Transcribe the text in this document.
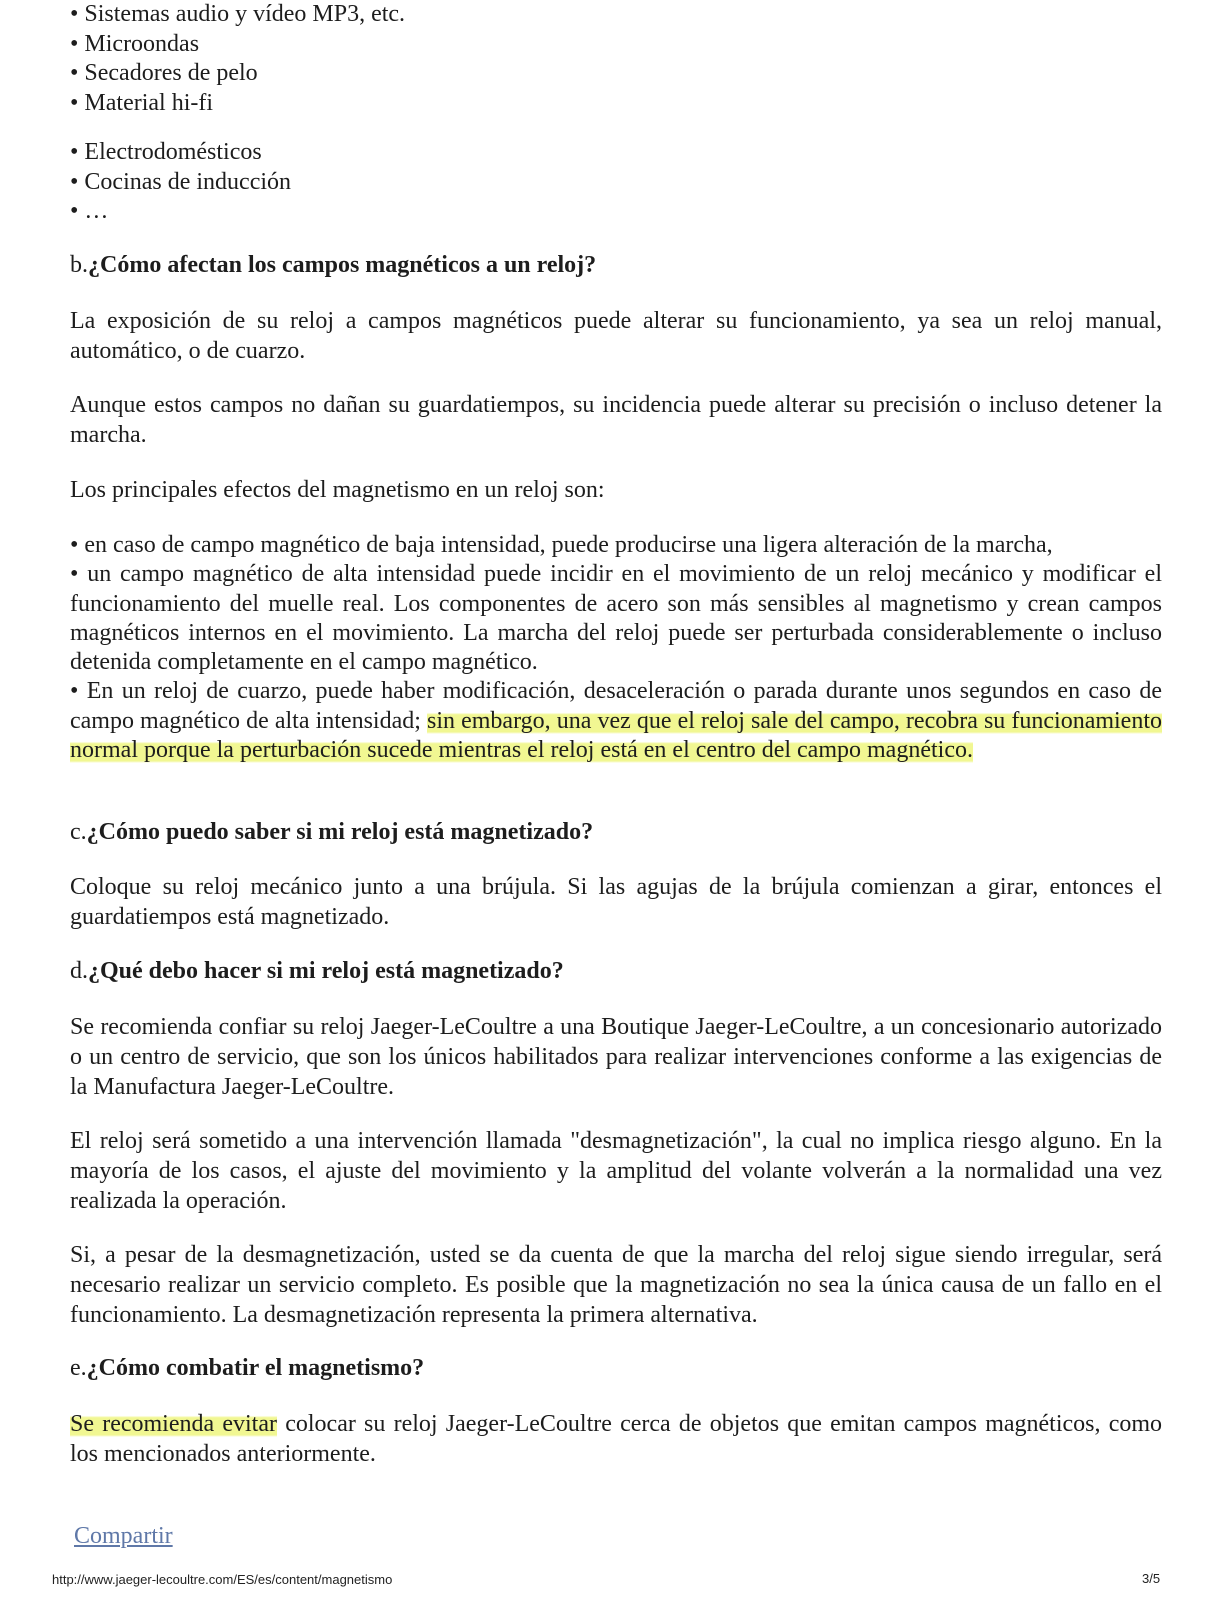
• Sistemas audio y vídeo MP3, etc.
• Microondas
• Secadores de pelo
• Material hi-fi
• Electrodomésticos
• Cocinas de inducción
• …
b.¿Cómo afectan los campos magnéticos a un reloj?

La exposición de su reloj a campos magnéticos puede alterar su funcionamiento, ya sea un reloj manual, automático, o de cuarzo.

Aunque estos campos no dañan su guardatiempos, su incidencia puede alterar su precisión o incluso detener la marcha.

Los principales efectos del magnetismo en un reloj son:

• en caso de campo magnético de baja intensidad, puede producirse una ligera alteración de la marcha,
• un campo magnético de alta intensidad puede incidir en el movimiento de un reloj mecánico y modificar el funcionamiento del muelle real. Los componentes de acero son más sensibles al magnetismo y crean campos magnéticos internos en el movimiento. La marcha del reloj puede ser perturbada considerablemente o incluso detenida completamente en el campo magnético.
• En un reloj de cuarzo, puede haber modificación, desaceleración o parada durante unos segundos en caso de campo magnético de alta intensidad; sin embargo, una vez que el reloj sale del campo, recobra su funcionamiento normal porque la perturbación sucede mientras el reloj está en el centro del campo magnético.

c.¿Cómo puedo saber si mi reloj está magnetizado?

Coloque su reloj mecánico junto a una brújula. Si las agujas de la brújula comienzan a girar, entonces el guardatiempos está magnetizado.

d.¿Qué debo hacer si mi reloj está magnetizado?

Se recomienda confiar su reloj Jaeger-LeCoultre a una Boutique Jaeger-LeCoultre, a un concesionario autorizado o un centro de servicio, que son los únicos habilitados para realizar intervenciones conforme a las exigencias de la Manufactura Jaeger-LeCoultre.

El reloj será sometido a una intervención llamada "desmagnetización", la cual no implica riesgo alguno. En la mayoría de los casos, el ajuste del movimiento y la amplitud del volante volverán a la normalidad una vez realizada la operación.

Si, a pesar de la desmagnetización, usted se da cuenta de que la marcha del reloj sigue siendo irregular, será necesario realizar un servicio completo. Es posible que la magnetización no sea la única causa de un fallo en el funcionamiento. La desmagnetización representa la primera alternativa.

e.¿Cómo combatir el magnetismo?

Se recomienda evitar colocar su reloj Jaeger-LeCoultre cerca de objetos que emitan campos magnéticos, como los mencionados anteriormente.

Compartir
http://www.jaeger-lecoultre.com/ES/es/content/magnetismo	3/5
